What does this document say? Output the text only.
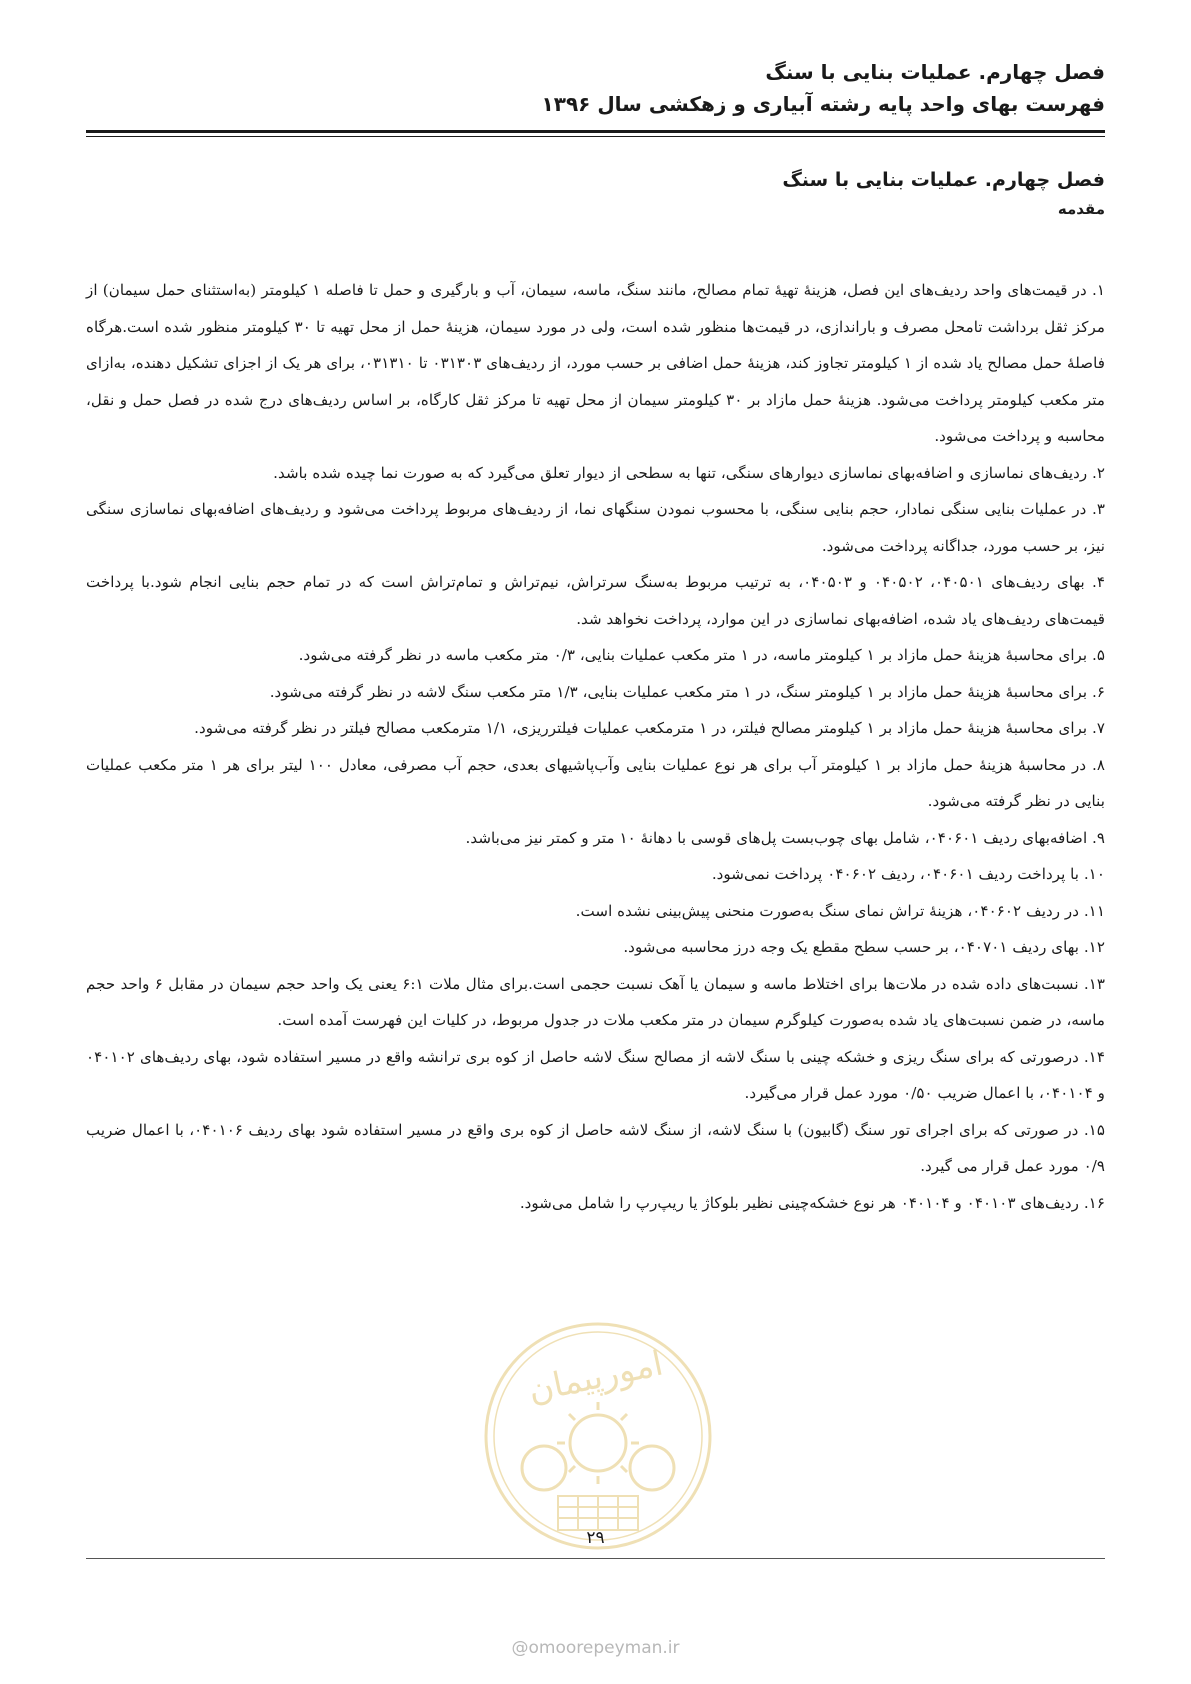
فصل چهارم. عملیات بنایی با سنگ
فهرست بهای واحد پایه رشته آبیاری و زهکشی سال ۱۳۹۶
فصل چهارم. عملیات بنایی با سنگ
مقدمه

۱. در قیمت‌های واحد ردیف‌های این فصل، هزینهٔ تهیهٔ تمام مصالح، مانند سنگ، ماسه، سیمان، آب و بارگیری و حمل تا فاصله ۱ کیلومتر (به‌استثنای حمل سیمان) از مرکز ثقل برداشت تامحل مصرف و باراندازی، در قیمت‌ها منظور شده است، ولی در مورد سیمان، هزینهٔ حمل از محل تهیه تا ۳۰ کیلومتر منظور شده است.هرگاه فاصلهٔ حمل مصالح یاد شده از ۱ کیلومتر تجاوز کند، هزینهٔ حمل اضافی بر حسب مورد، از ردیف‌های ۰۳۱۳۰۳ تا ۰۳۱۳۱۰، برای هر یک از اجزای تشکیل دهنده، به‌ازای متر مکعب کیلومتر پرداخت می‌شود. هزینهٔ حمل مازاد بر ۳۰ کیلومتر سیمان از محل تهیه تا مرکز ثقل کارگاه، بر اساس ردیف‌های درج شده در فصل حمل و نقل، محاسبه و پرداخت می‌شود.

۲. ردیف‌های نماسازی و اضافه‌بهای نماسازی دیوارهای سنگی، تنها به سطحی از دیوار تعلق می‌گیرد که به صورت نما چیده شده باشد.

۳. در عملیات بنایی سنگی نمادار، حجم بنایی سنگی، با محسوب نمودن سنگهای نما، از ردیف‌های مربوط پرداخت می‌شود و ردیف‌های اضافه‌بهای نماسازی سنگی نیز، بر حسب مورد، جداگانه پرداخت می‌شود.

۴. بهای ردیف‌های ۰۴۰۵۰۱، ۰۴۰۵۰۲ و ۰۴۰۵۰۳، به ترتیب مربوط به‌سنگ سرتراش، نیم‌تراش و تمام‌تراش است که در تمام حجم بنایی انجام شود.با پرداخت قیمت‌های ردیف‌های یاد شده، اضافه‌بهای نماسازی در این موارد، پرداخت نخواهد شد.

۵. برای محاسبهٔ هزینهٔ حمل مازاد بر ۱ کیلومتر ماسه، در ۱ متر مکعب عملیات بنایی، ۰/۳ متر مکعب ماسه در نظر گرفته می‌شود.

۶. برای محاسبهٔ هزینهٔ حمل مازاد بر ۱ کیلومتر سنگ، در ۱ متر مکعب عملیات بنایی، ۱/۳ متر مکعب سنگ لاشه در نظر گرفته می‌شود.

۷. برای محاسبهٔ هزینهٔ حمل مازاد بر ۱ کیلومتر مصالح فیلتر، در ۱ مترمکعب عملیات فیلترریزی، ۱/۱ مترمکعب مصالح فیلتر در نظر گرفته می‌شود.

۸. در محاسبهٔ هزینهٔ حمل مازاد بر ۱ کیلومتر آب برای هر نوع عملیات بنایی وآب‌پاشیهای بعدی، حجم آب مصرفی، معادل ۱۰۰ لیتر برای هر ۱ متر مکعب عملیات بنایی در نظر گرفته می‌شود.

۹. اضافه‌بهای ردیف ۰۴۰۶۰۱، شامل بهای چوب‌بست پل‌های قوسی با دهانهٔ ۱۰ متر و کمتر نیز می‌باشد.

۱۰. با پرداخت ردیف ۰۴۰۶۰۱، ردیف ۰۴۰۶۰۲ پرداخت نمی‌شود.

۱۱. در ردیف ۰۴۰۶۰۲، هزینهٔ تراش نمای سنگ به‌صورت منحنی پیش‌بینی نشده است.

۱۲. بهای ردیف ۰۴۰۷۰۱، بر حسب سطح مقطع یک وجه درز محاسبه می‌شود.

۱۳. نسبت‌های داده شده در ملات‌ها برای اختلاط ماسه و سیمان یا آهک نسبت حجمی است.برای مثال ملات ۶:۱ یعنی یک واحد حجم سیمان در مقابل ۶ واحد حجم ماسه، در ضمن نسبت‌های یاد شده به‌صورت کیلوگرم سیمان در متر مکعب ملات در جدول مربوط، در کلیات این فهرست آمده است.

۱۴. درصورتی که برای سنگ ریزی و خشکه چینی با سنگ لاشه از مصالح سنگ لاشه حاصل از کوه بری ترانشه واقع در مسیر استفاده شود، بهای ردیف‌های ۰۴۰۱۰۲ و ۰۴۰۱۰۴، با اعمال ضریب ۰/۵۰ مورد عمل قرار می‌گیرد.

۱۵. در صورتی که برای اجرای تور سنگ (گابیون) با سنگ لاشه، از سنگ لاشه حاصل از کوه بری واقع در مسیر استفاده شود بهای ردیف ۰۴۰۱۰۶، با اعمال ضریب ۰/۹ مورد عمل قرار می گیرد.

۱۶. ردیف‌های ۰۴۰۱۰۳ و ۰۴۰۱۰۴ هر نوع خشکه‌چینی نظیر بلوکاژ یا ریپ‌رپ را شامل می‌شود.

امورپیمان
۲۹
@omoorepeyman.ir
